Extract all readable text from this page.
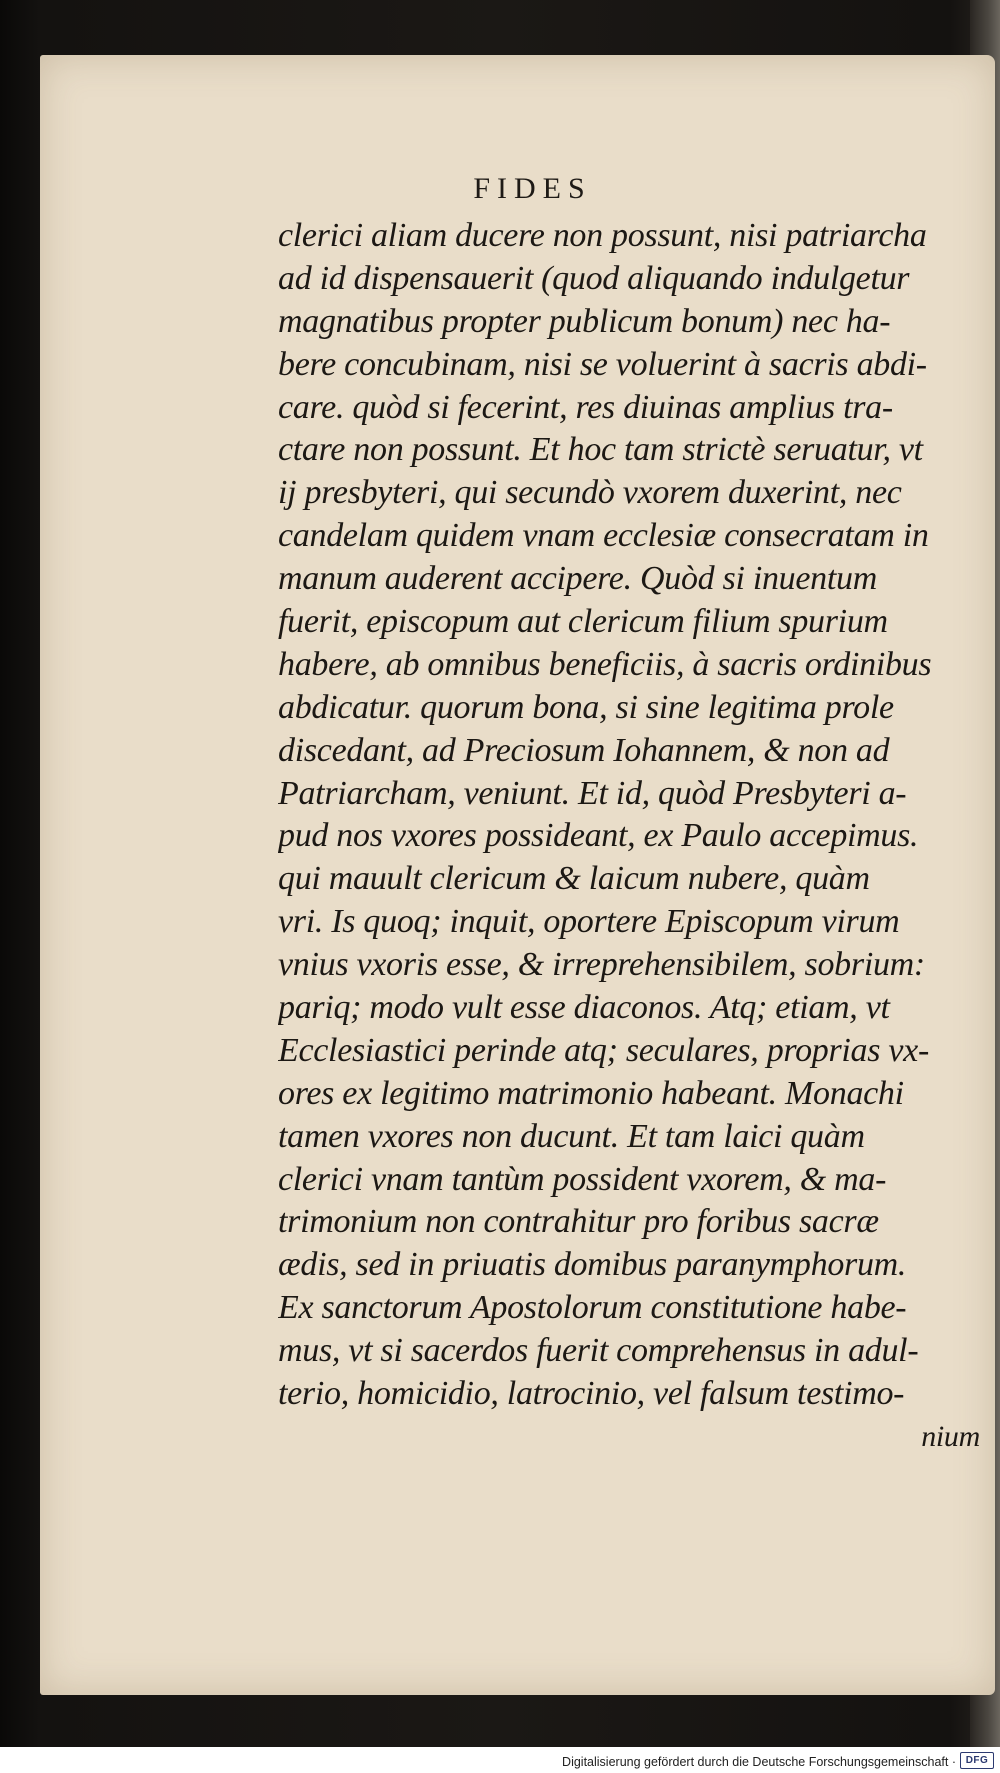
FIDES
clerici aliam ducere non possunt, nisi patriarcha
ad id dispensauerit (quod aliquando indulgetur
magnatibus propter publicum bonum) nec ha-
bere concubinam, nisi se voluerint à sacris abdi-
care. quòd si fecerint, res diuinas amplius tra-
ctare non possunt. Et hoc tam strictè seruatur, vt
ij presbyteri, qui secundò vxorem duxerint, nec
candelam quidem vnam ecclesiæ consecratam in
manum auderent accipere. Quòd si inuentum
fuerit, episcopum aut clericum filium spurium
habere, ab omnibus beneficiis, à sacris ordinibus
abdicatur. quorum bona, si sine legitima prole
discedant, ad Preciosum Iohannem, & non ad
Patriarcham, veniunt. Et id, quòd Presbyteri a-
pud nos vxores possideant, ex Paulo accepimus.
qui mauult clericum & laicum nubere, quàm
vri. Is quoq; inquit, oportere Episcopum virum
vnius vxoris esse, & irreprehensibilem, sobrium:
pariq; modo vult esse diaconos. Atq; etiam, vt
Ecclesiastici perinde atq; seculares, proprias vx-
ores ex legitimo matrimonio habeant. Monachi
tamen vxores non ducunt. Et tam laici quàm
clerici vnam tantùm possident vxorem, & ma-
trimonium non contrahitur pro foribus sacræ
ædis, sed in priuatis domibus paranymphorum.
Ex sanctorum Apostolorum constitutione habe-
mus, vt si sacerdos fuerit comprehensus in adul-
terio, homicidio, latrocinio, vel falsum testimo-
nium
Digitalisierung gefördert durch die Deutsche Forschungsgemeinschaft · DFG
